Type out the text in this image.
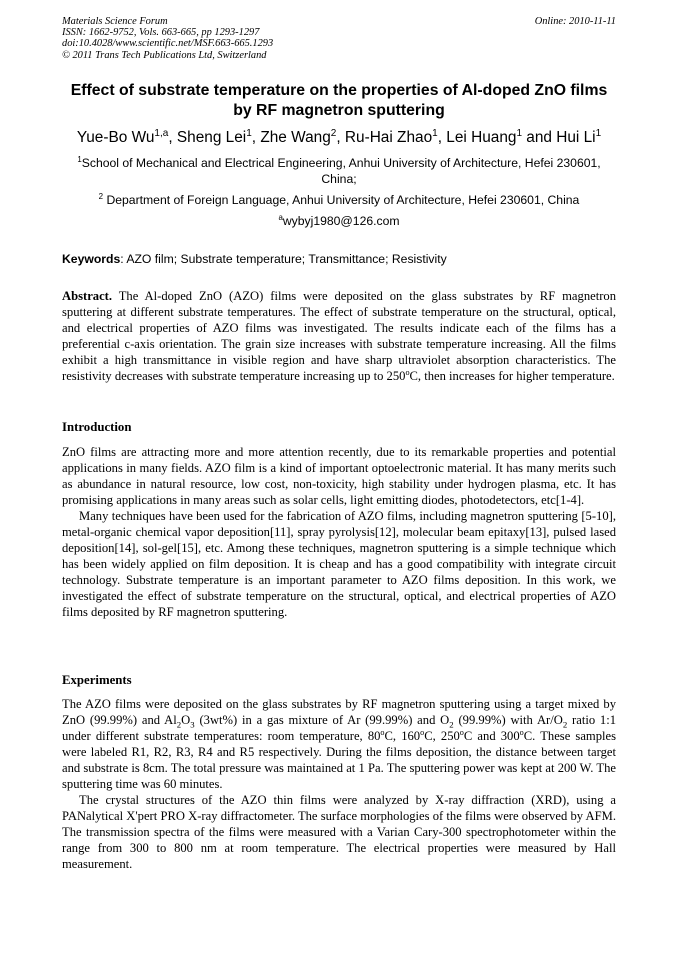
Materials Science Forum
ISSN: 1662-9752, Vols. 663-665, pp 1293-1297
doi:10.4028/www.scientific.net/MSF.663-665.1293
© 2011 Trans Tech Publications Ltd, Switzerland
Online: 2010-11-11
Effect of substrate temperature on the properties of Al-doped ZnO films
by RF magnetron sputtering
Yue-Bo Wu$^{1,a}$, Sheng Lei$^1$, Zhe Wang$^2$, Ru-Hai Zhao$^1$, Lei Huang$^1$ and Hui Li$^1$
$^1$School of Mechanical and Electrical Engineering, Anhui University of Architecture, Hefei 230601, China;
$^2$ Department of Foreign Language, Anhui University of Architecture, Hefei 230601, China
$^a$wybyj1980@126.com
Keywords: AZO film; Substrate temperature; Transmittance; Resistivity

Abstract. The Al-doped ZnO (AZO) films were deposited on the glass substrates by RF magnetron sputtering at different substrate temperatures. The effect of substrate temperature on the structural, optical, and electrical properties of AZO films was investigated. The results indicate each of the films has a preferential c-axis orientation. The grain size increases with substrate temperature increasing. All the films exhibit a high transmittance in visible region and have sharp ultraviolet absorption characteristics. The resistivity decreases with substrate temperature increasing up to 250$^o$C, then increases for higher temperature.

Introduction

ZnO films are attracting more and more attention recently, due to its remarkable properties and potential applications in many fields. AZO film is a kind of important optoelectronic material. It has many merits such as abundance in natural resource, low cost, non-toxicity, high stability under hydrogen plasma, etc. It has promising applications in many areas such as solar cells, light emitting diodes, photodetectors, etc[1-4].

Many techniques have been used for the fabrication of AZO films, including magnetron sputtering [5-10], metal-organic chemical vapor deposition[11], spray pyrolysis[12], molecular beam epitaxy[13], pulsed lased deposition[14], sol-gel[15], etc. Among these techniques, magnetron sputtering is a simple technique which has been widely applied on film deposition. It is cheap and has a good compatibility with integrate circuit technology. Substrate temperature is an important parameter to AZO films deposition. In this work, we investigated the effect of substrate temperature on the structural, optical, and electrical properties of AZO films deposited by RF magnetron sputtering.

Experiments

The AZO films were deposited on the glass substrates by RF magnetron sputtering using a target mixed by ZnO (99.99%) and $Al_2O_3$ (3wt%) in a gas mixture of Ar (99.99%) and $O_2$ (99.99%) with $Ar/O_2$ ratio 1:1 under different substrate temperatures: room temperature, 80$^o$C, 160$^o$C, 250$^o$C and 300$^o$C. These samples were labeled R1, R2, R3, R4 and R5 respectively. During the films deposition, the distance between target and substrate is 8cm. The total pressure was maintained at 1 Pa. The sputtering power was kept at 200 W. The sputtering time was 60 minutes.

The crystal structures of the AZO thin films were analyzed by X-ray diffraction (XRD), using a PANalytical X'pert PRO X-ray diffractometer. The surface morphologies of the films were observed by AFM. The transmission spectra of the films were measured with a Varian Cary-300 spectrophotometer within the range from 300 to 800 nm at room temperature. The electrical properties were measured by Hall measurement.
